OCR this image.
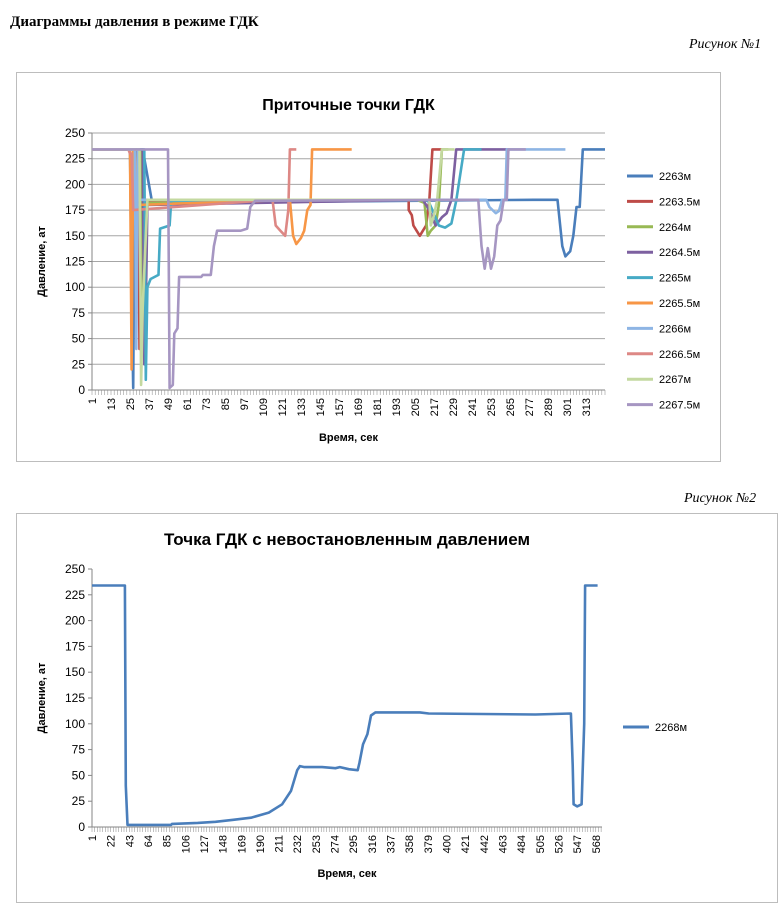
Диаграммы давления в режиме ГДК
Рисунок №1
Приточные точки ГДК
0
25
50
75
100
125
150
175
200
225
250
1 13 25 37 49 61 73 85 97 109 121 133 145 157 169 181 193 205 217 229 241 253 265 277 289 301 313
Время, сек
Давление, ат
2263м
2263.5м
2264м
2264.5м
2265м
2265.5м
2266м
2266.5м
2267м
2267.5м
Рисунок №2
Точка ГДК с невостановленным давлением
0
25
50
75
100
125
150
175
200
225
250
1 22 43 64 85 106 127 148 169 190 211 232 253 274 295 316 337 358 379 400 421 442 463 484 505 526 547 568
Время, сек
Давление, ат	2268м
